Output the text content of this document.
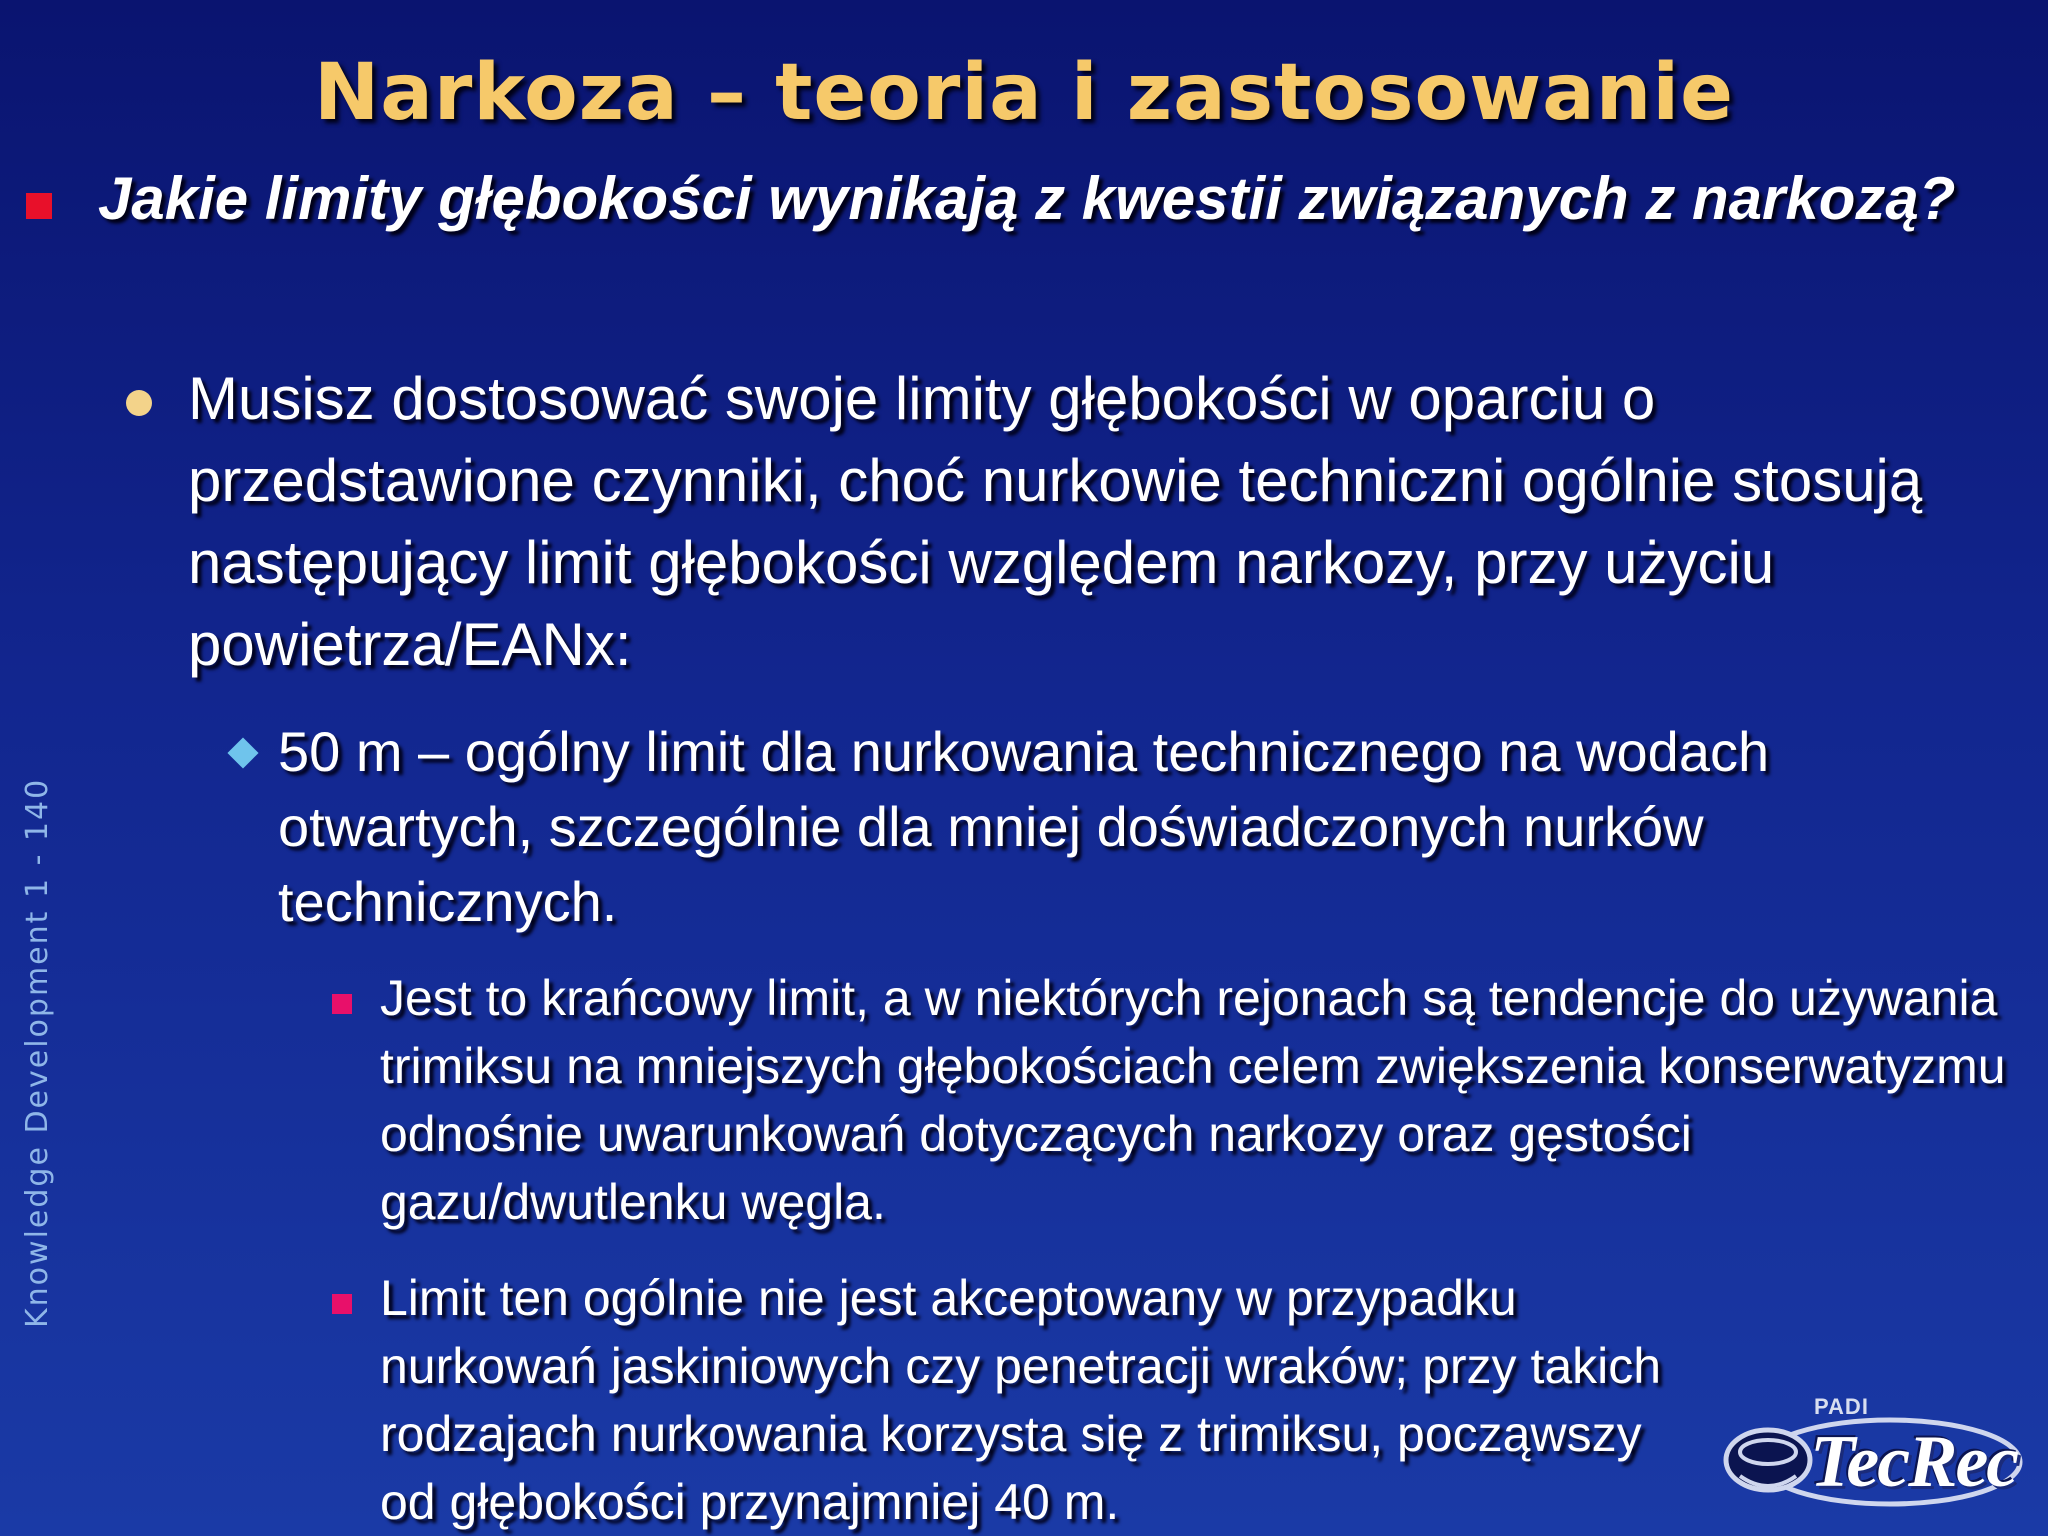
Narkoza – teoria i zastosowanie
Jakie limity głębokości wynikają z kwestii związanych z narkozą?
Musisz dostosować swoje limity głębokości w oparciu o przedstawione czynniki, choć nurkowie techniczni ogólnie stosują następujący limit głębokości względem narkozy, przy użyciu powietrza/EANx:
50 m – ogólny limit dla nurkowania technicznego na wodach otwartych, szczególnie dla mniej doświadczonych nurków technicznych.
Jest to krańcowy limit, a w niektórych rejonach są tendencje do używania trimiksu na mniejszych głębokościach celem zwiększenia konserwatyzmu odnośnie uwarunkowań dotyczących narkozy oraz gęstości gazu/dwutlenku węgla.
Limit ten ogólnie nie jest akceptowany w przypadku nurkowań jaskiniowych czy penetracji wraków; przy takich rodzajach nurkowania korzysta się z trimiksu, począwszy od głębokości przynajmniej 40 m.
Knowledge Development 1 - 140
PADI
TecRec
